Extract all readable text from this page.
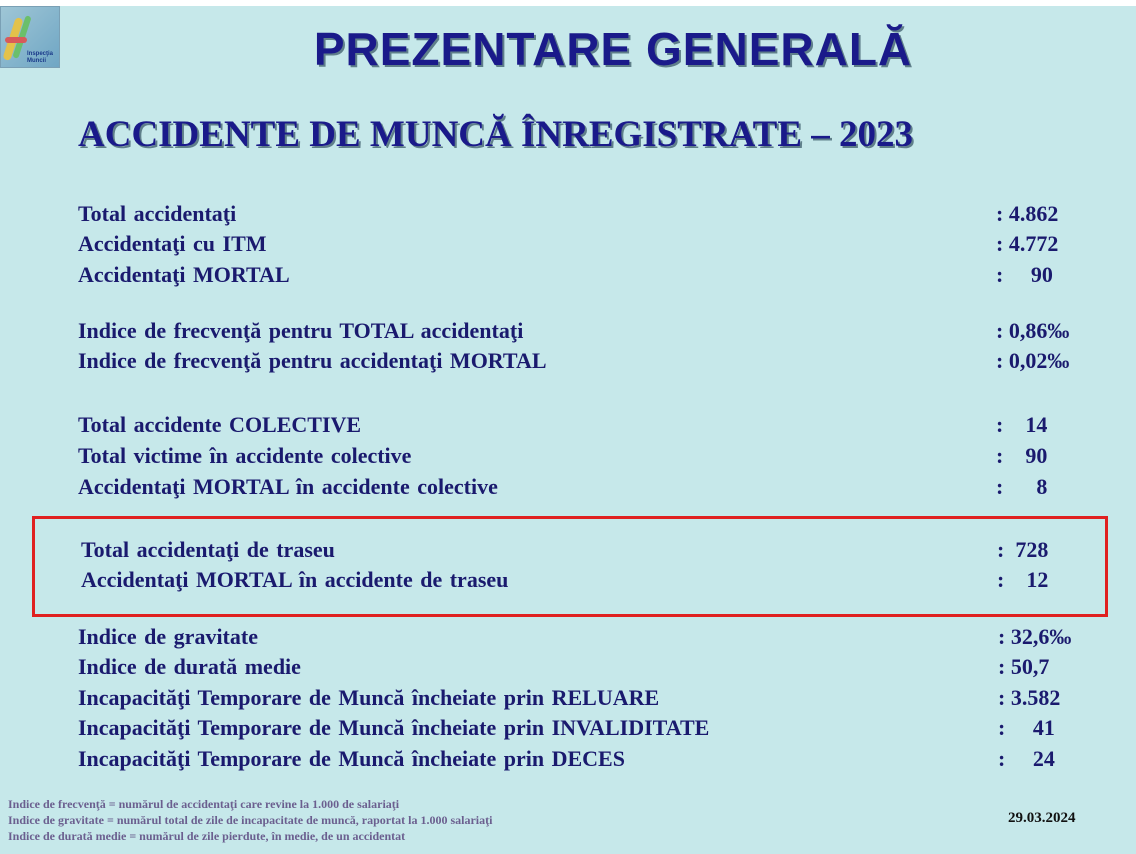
Inspecţia Muncii	PREZENTARE GENERALĂ
ACCIDENTE DE MUNCĂ ÎNREGISTRATE – 2023
Total accidentaţi	: 4.862
Accidentaţi cu ITM	: 4.772
Accidentaţi MORTAL	:     90
Indice de frecvenţă pentru TOTAL accidentaţi	: 0,86‰
Indice de frecvenţă pentru accidentaţi MORTAL	: 0,02‰
Total accidente COLECTIVE	:    14
Total victime în accidente colective	:    90
Accidentaţi MORTAL în accidente colective	:      8
Total accidentaţi de traseu	:  728
Accidentaţi MORTAL în accidente de traseu	:    12
Indice de gravitate	: 32,6‰
Indice de durată medie	: 50,7
Incapacităţi Temporare de Muncă încheiate prin RELUARE	: 3.582
Incapacităţi Temporare de Muncă încheiate prin INVALIDITATE	:     41
Incapacităţi Temporare de Muncă încheiate prin DECES	:     24
Indice de frecvenţă = numărul de accidentaţi care revine la 1.000 de salariaţi
Indice de gravitate = numărul total de zile de incapacitate de muncă, raportat la 1.000 salariaţi
Indice de durată medie = numărul de zile pierdute, în medie, de un accidentat
29.03.2024
